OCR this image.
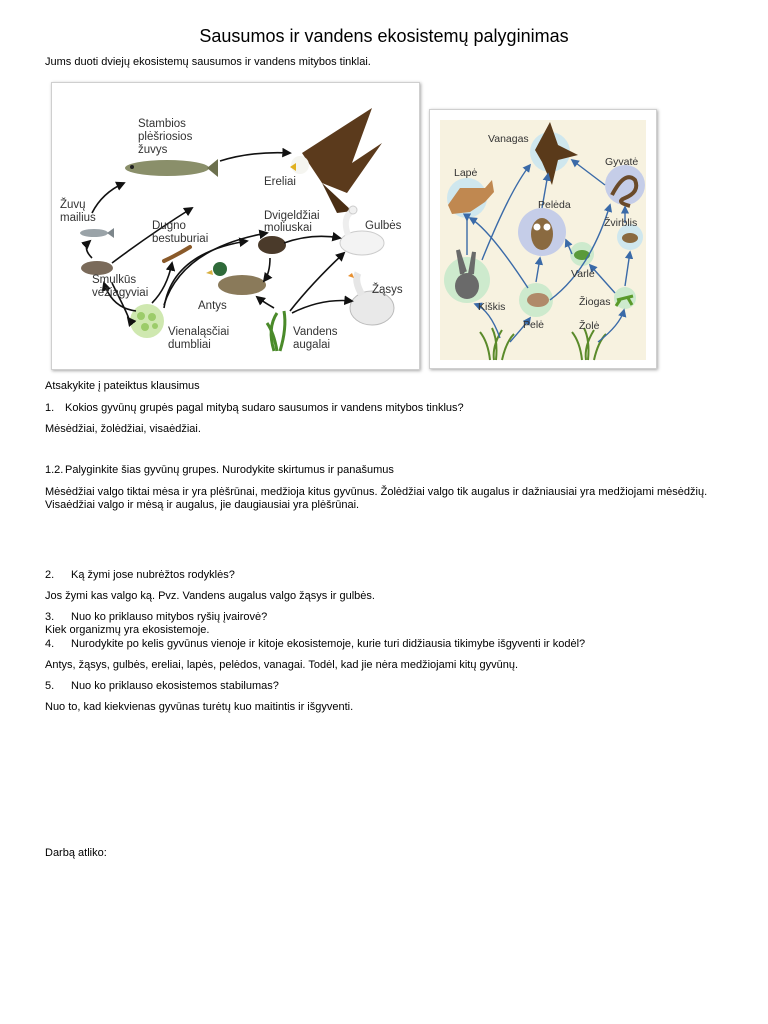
Sausumos ir vandens ekosistemų palyginimas
Jums duoti dviejų ekosistemų sausumos ir vandens mitybos tinklai.
Stambios
plėšriosios
žuvys
Ereliai
Žuvų
mailius
Dugno
bestuburiai
Dvigeldžiai
moliuskai	Gulbės
Smulkūs
vėžiagyviai
Antys
Žąsys
Vienaląsčiai
dumbliai
Vandens
augalai
Vanagas
Lapė
Gyvatė
Pelėda
Žvirblis
Varlė
Kiškis	Žiogas
Pelė	Žolė
Atsakykite į pateiktus klausimus
1. Kokios gyvūnų grupės pagal mitybą sudaro sausumos ir vandens mitybos tinklus?
Mėsėdžiai, žolėdžiai, visaėdžiai.
1.2. Palyginkite šias gyvūnų grupes. Nurodykite skirtumus ir panašumus
Mėsėdžiai valgo tiktai mėsa ir yra plėšrūnai, medžioja kitus gyvūnus. Žolėdžiai valgo tik augalus ir dažniausiai yra medžiojami mėsėdžių.
Visaėdžiai valgo ir mėsą ir augalus, jie daugiausiai yra plėšrūnai.
2. Ką žymi jose nubrėžtos rodyklės?
Jos žymi kas valgo ką. Pvz. Vandens augalus valgo žąsys ir gulbės.
3. Nuo ko priklauso mitybos ryšių įvairovė?
Kiek organizmų yra ekosistemoje.
4. Nurodykite po kelis gyvūnus vienoje ir kitoje ekosistemoje, kurie turi didžiausia tikimybe išgyventi ir kodėl?
Antys, žąsys, gulbės, ereliai, lapės, pelėdos, vanagai. Todėl, kad jie nėra medžiojami kitų gyvūnų.
5. Nuo ko priklauso ekosistemos stabilumas?
Nuo to, kad kiekvienas gyvūnas turėtų kuo maitintis ir išgyventi.
Darbą atliko:
